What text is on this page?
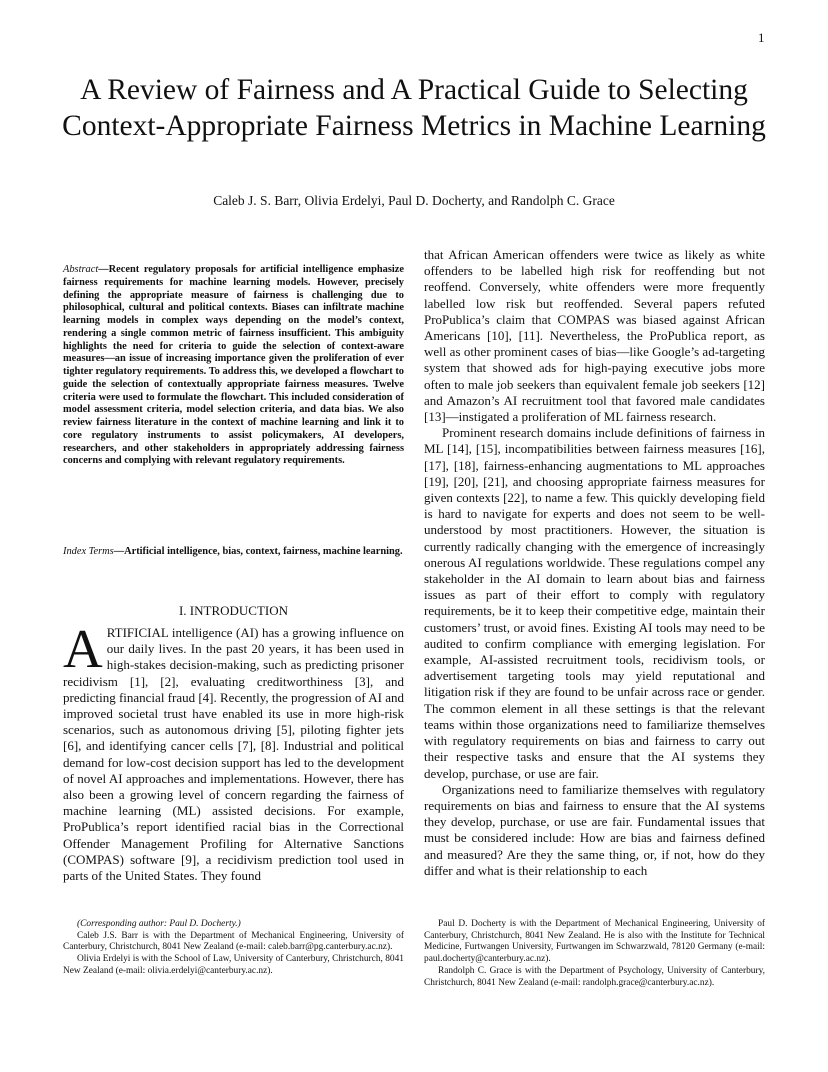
1
A Review of Fairness and A Practical Guide to Selecting Context-Appropriate Fairness Metrics in Machine Learning
Caleb J. S. Barr, Olivia Erdelyi, Paul D. Docherty, and Randolph C. Grace
Abstract—Recent regulatory proposals for artificial intelligence emphasize fairness requirements for machine learning models. However, precisely defining the appropriate measure of fairness is challenging due to philosophical, cultural and political contexts. Biases can infiltrate machine learning models in complex ways depending on the model’s context, rendering a single common metric of fairness insufficient. This ambiguity highlights the need for criteria to guide the selection of context-aware measures—an issue of increasing importance given the proliferation of ever tighter regulatory requirements. To address this, we developed a flowchart to guide the selection of contextually appropriate fairness measures. Twelve criteria were used to formulate the flowchart. This included consideration of model assessment criteria, model selection criteria, and data bias. We also review fairness literature in the context of machine learning and link it to core regulatory instruments to assist policymakers, AI developers, researchers, and other stakeholders in appropriately addressing fairness concerns and complying with relevant regulatory requirements.
Index Terms—Artificial intelligence, bias, context, fairness, machine learning.
I. INTRODUCTION

ARTIFICIAL intelligence (AI) has a growing influence on our daily lives. In the past 20 years, it has been used in high-stakes decision-making, such as predicting prisoner recidivism [1], [2], evaluating creditworthiness [3], and predicting financial fraud [4]. Recently, the progression of AI and improved societal trust have enabled its use in more high-risk scenarios, such as autonomous driving [5], piloting fighter jets [6], and identifying cancer cells [7], [8]. Industrial and political demand for low-cost decision support has led to the development of novel AI approaches and implementations. However, there has also been a growing level of concern regarding the fairness of machine learning (ML) assisted decisions. For example, ProPublica’s report identified racial bias in the Correctional Offender Management Profiling for Alternative Sanctions (COMPAS) software [9], a recidivism prediction tool used in parts of the United States. They found

that African American offenders were twice as likely as white offenders to be labelled high risk for reoffending but not reoffend. Conversely, white offenders were more frequently labelled low risk but reoffended. Several papers refuted ProPublica’s claim that COMPAS was biased against African Americans [10], [11]. Nevertheless, the ProPublica report, as well as other prominent cases of bias—like Google’s ad-targeting system that showed ads for high-paying executive jobs more often to male job seekers than equivalent female job seekers [12] and Amazon’s AI recruitment tool that favored male candidates [13]—instigated a proliferation of ML fairness research.

Prominent research domains include definitions of fairness in ML [14], [15], incompatibilities between fairness measures [16], [17], [18], fairness-enhancing augmentations to ML approaches [19], [20], [21], and choosing appropriate fairness measures for given contexts [22], to name a few. This quickly developing field is hard to navigate for experts and does not seem to be well-understood by most practitioners. However, the situation is currently radically changing with the emergence of increasingly onerous AI regulations worldwide. These regulations compel any stakeholder in the AI domain to learn about bias and fairness issues as part of their effort to comply with regulatory requirements, be it to keep their competitive edge, maintain their customers’ trust, or avoid fines. Existing AI tools may need to be audited to confirm compliance with emerging legislation. For example, AI-assisted recruitment tools, recidivism tools, or advertisement targeting tools may yield reputational and litigation risk if they are found to be unfair across race or gender. The common element in all these settings is that the relevant teams within those organizations need to familiarize themselves with regulatory requirements on bias and fairness to carry out their respective tasks and ensure that the AI systems they develop, purchase, or use are fair.

Organizations need to familiarize themselves with regulatory requirements on bias and fairness to ensure that the AI systems they develop, purchase, or use are fair. Fundamental issues that must be considered include: How are bias and fairness defined and measured? Are they the same thing, or, if not, how do they differ and what is their relationship to each

(Corresponding author: Paul D. Docherty.)

Caleb J.S. Barr is with the Department of Mechanical Engineering, University of Canterbury, Christchurch, 8041 New Zealand (e-mail: caleb.barr@pg.canterbury.ac.nz).

Olivia Erdelyi is with the School of Law, University of Canterbury, Christchurch, 8041 New Zealand (e-mail: olivia.erdelyi@canterbury.ac.nz).

Paul D. Docherty is with the Department of Mechanical Engineering, University of Canterbury, Christchurch, 8041 New Zealand. He is also with the Institute for Technical Medicine, Furtwangen University, Furtwangen im Schwarzwald, 78120 Germany (e-mail: paul.docherty@canterbury.ac.nz).

Randolph C. Grace is with the Department of Psychology, University of Canterbury, Christchurch, 8041 New Zealand (e-mail: randolph.grace@canterbury.ac.nz).
